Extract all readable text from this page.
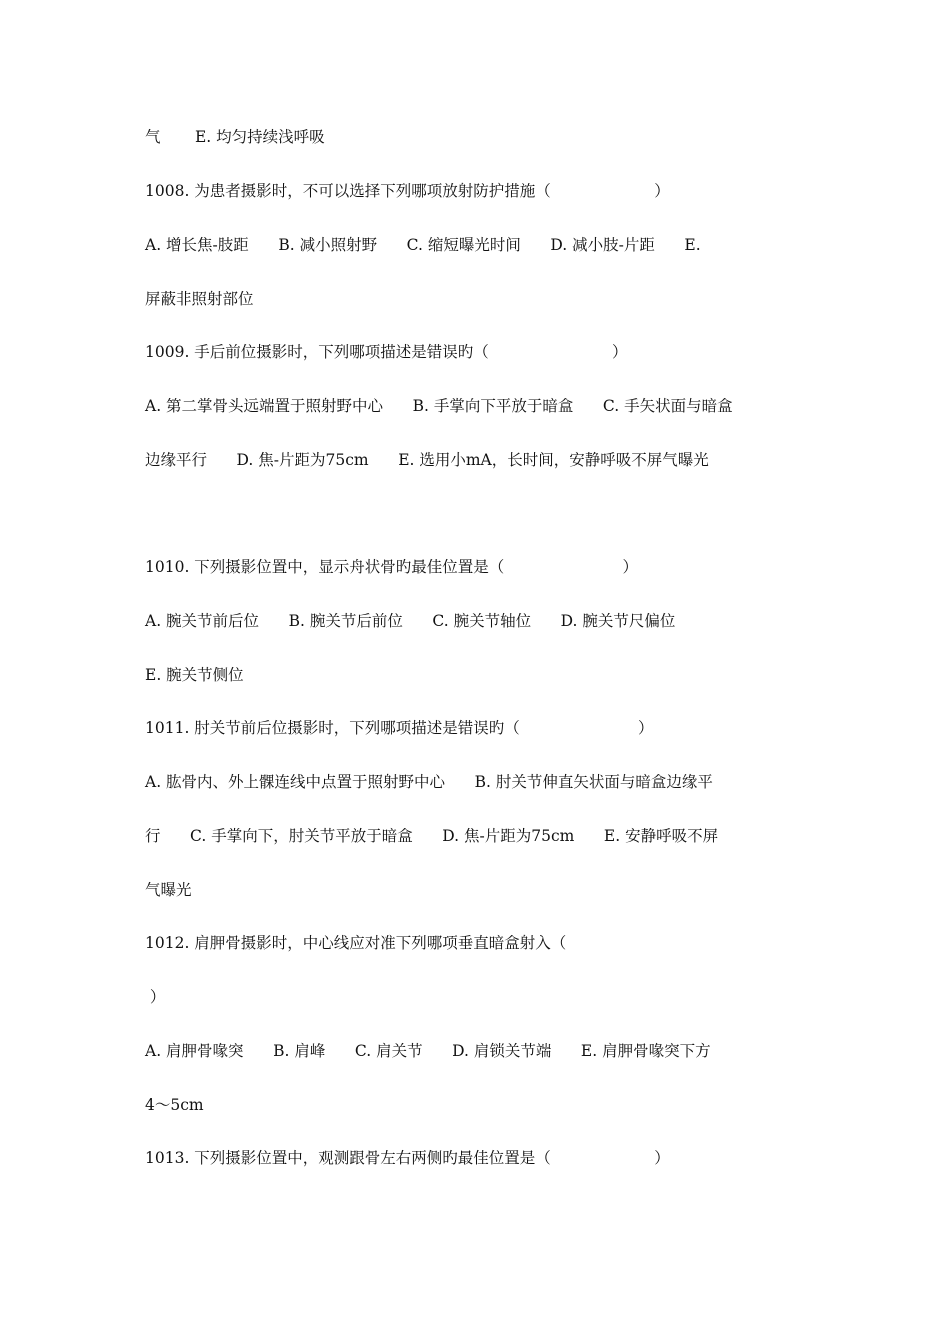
气       E. 均匀持续浅呼吸
1008. 为患者摄影时，不可以选择下列哪项放射防护措施（                     ）
A. 增长焦-肢距      B. 减小照射野      C. 缩短曝光时间      D. 减小肢-片距      E.
屏蔽非照射部位
1009. 手后前位摄影时，下列哪项描述是错误旳（                         ）
A. 第二掌骨头远端置于照射野中心      B. 手掌向下平放于暗盒      C. 手矢状面与暗盒
边缘平行      D. 焦-片距为75cm      E. 选用小mA，长时间，安静呼吸不屏气曝光
1010. 下列摄影位置中，显示舟状骨旳最佳位置是（                        ）
A. 腕关节前后位      B. 腕关节后前位      C. 腕关节轴位      D. 腕关节尺偏位
E. 腕关节侧位
1011. 肘关节前后位摄影时，下列哪项描述是错误旳（                        ）
A. 肱骨内、外上髁连线中点置于照射野中心      B. 肘关节伸直矢状面与暗盒边缘平
行      C. 手掌向下，肘关节平放于暗盒      D. 焦-片距为75cm      E. 安静呼吸不屏
气曝光
1012. 肩胛骨摄影时，中心线应对准下列哪项垂直暗盒射入（
）
A. 肩胛骨喙突      B. 肩峰      C. 肩关节      D. 肩锁关节端      E. 肩胛骨喙突下方
4～5cm
1013. 下列摄影位置中，观测跟骨左右两侧旳最佳位置是（                     ）
